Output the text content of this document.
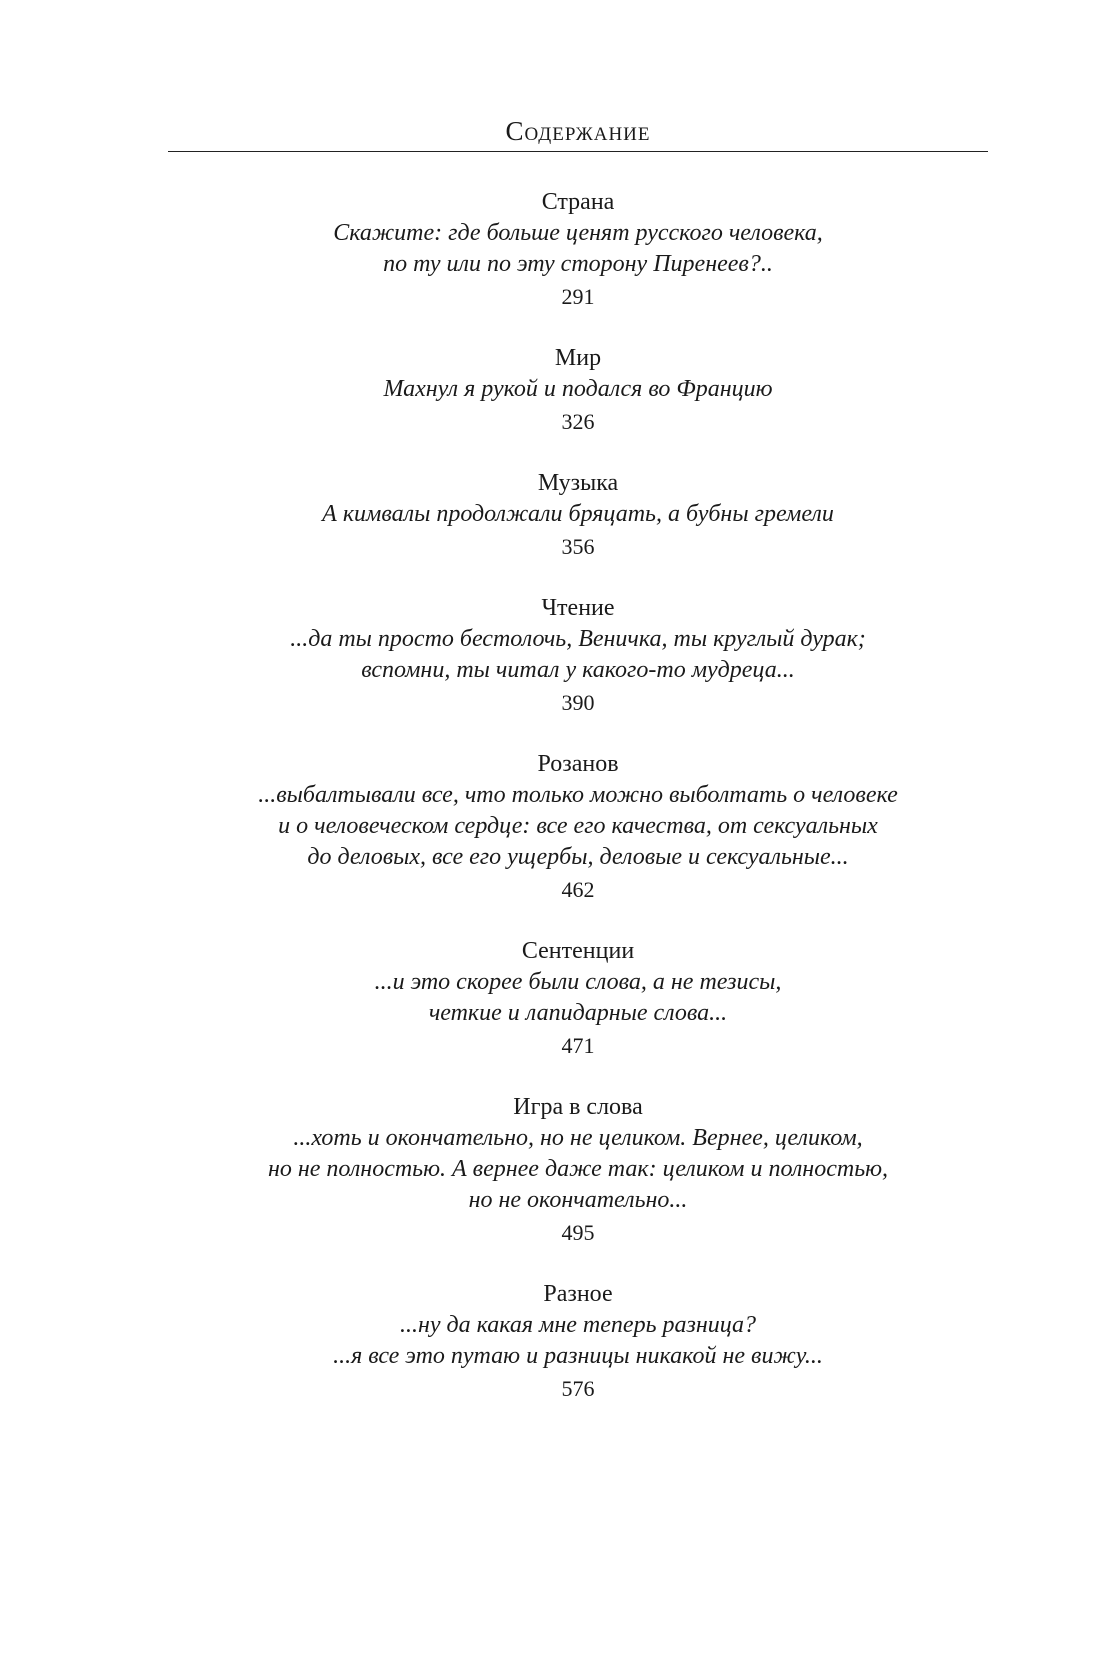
Содержание
Страна
Скажите: где больше ценят русского человека,
по ту или по эту сторону Пиренеев?..
291
Мир
Махнул я рукой и подался во Францию
326
Музыка
А кимвалы продолжали бряцать, а бубны гремели
356
Чтение
...да ты просто бестолочь, Веничка, ты круглый дурак;
вспомни, ты читал у какого-то мудреца...
390
Розанов
...выбалтывали все, что только можно выболтать о человеке
и о человеческом сердце: все его качества, от сексуальных
до деловых, все его ущербы, деловые и сексуальные...
462
Сентенции
...и это скорее были слова, а не тезисы,
четкие и лапидарные слова...
471
Игра в слова
...хоть и окончательно, но не целиком. Вернее, целиком,
но не полностью. А вернее даже так: целиком и полностью,
но не окончательно...
495
Разное
...ну да какая мне теперь разница?
...я все это путаю и разницы никакой не вижу...
576
